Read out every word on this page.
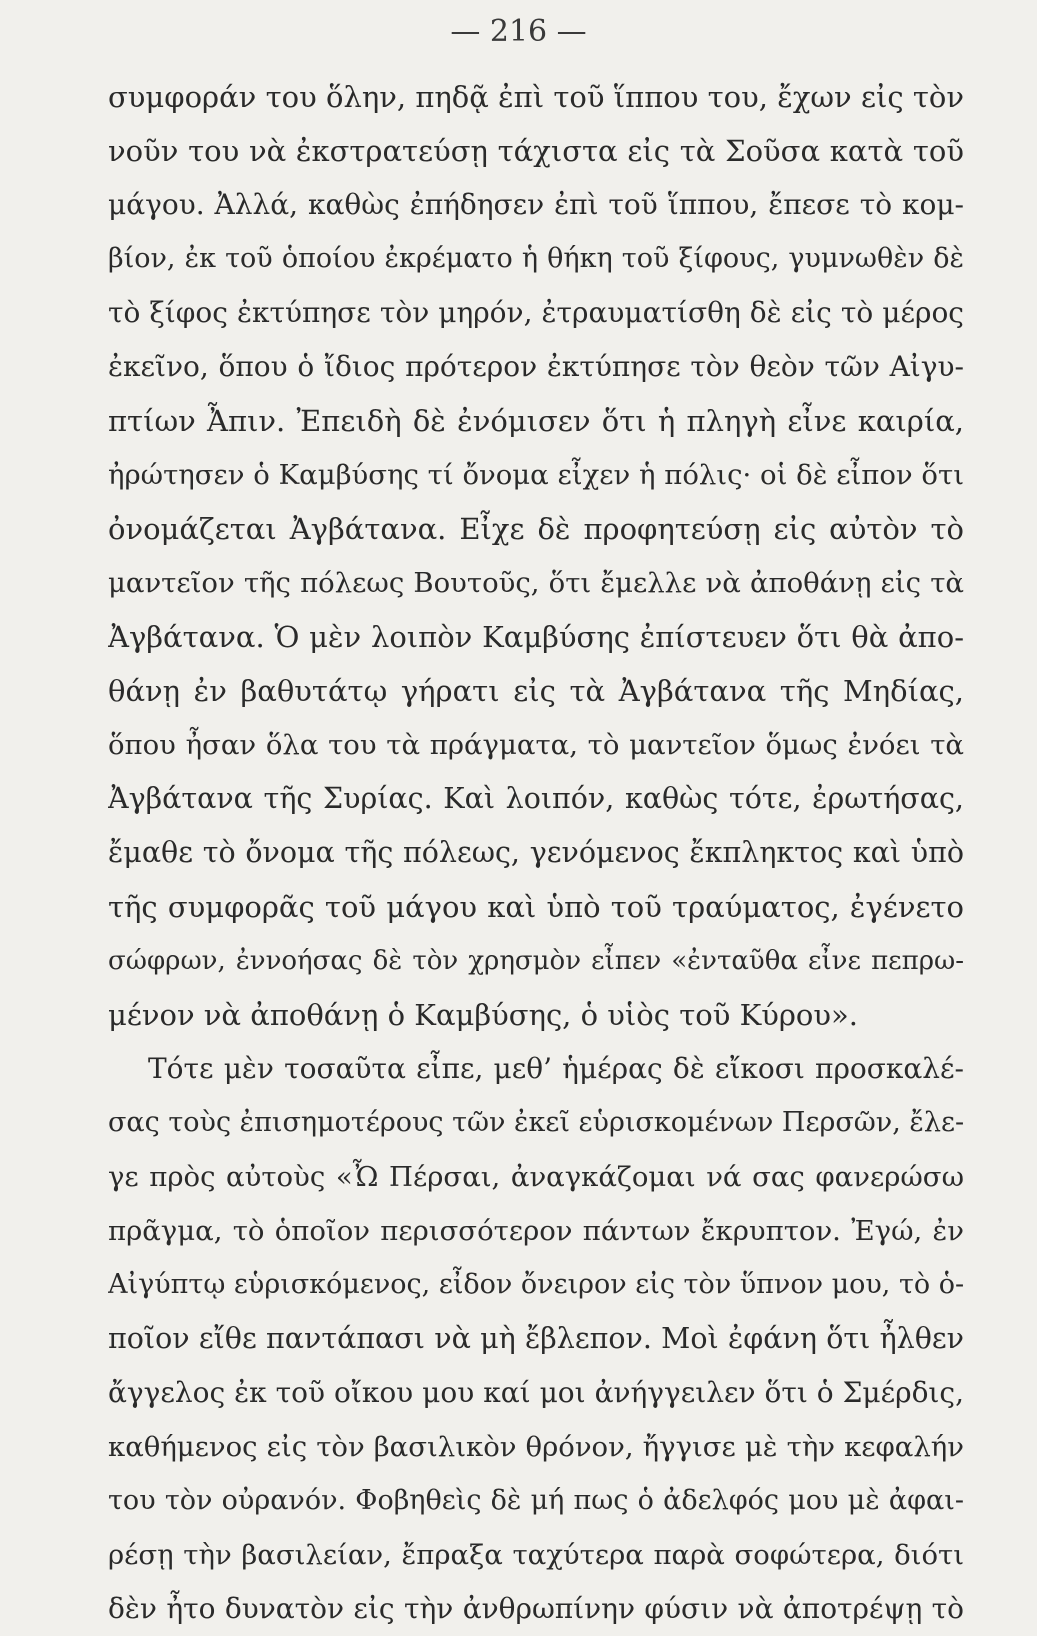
— 216 —
συμφοράν του ὅλην, πηδᾷ ἐπὶ τοῦ ἵππου του, ἔχων εἰς τὸν
νοῦν του νὰ ἐκστρατεύσῃ τάχιστα εἰς τὰ Σοῦσα κατὰ τοῦ
μάγου. Ἀλλά, καθὼς ἐπήδησεν ἐπὶ τοῦ ἵππου, ἔπεσε τὸ κομ-
βίον, ἐκ τοῦ ὁποίου ἐκρέματο ἡ θήκη τοῦ ξίφους, γυμνωθὲν δὲ
τὸ ξίφος ἐκτύπησε τὸν μηρόν, ἐτραυματίσθη δὲ εἰς τὸ μέρος
ἐκεῖνο, ὅπου ὁ ἴδιος πρότερον ἐκτύπησε τὸν θεὸν τῶν Αἰγυ-
πτίων Ἆπιν. Ἐπειδὴ δὲ ἐνόμισεν ὅτι ἡ πληγὴ εἶνε καιρία,
ἠρώτησεν ὁ Καμβύσης τί ὄνομα εἶχεν ἡ πόλις· οἱ δὲ εἶπον ὅτι
ὀνομάζεται Ἀγβάτανα. Εἶχε δὲ προφητεύσῃ εἰς αὐτὸν τὸ
μαντεῖον τῆς πόλεως Βουτοῦς, ὅτι ἔμελλε νὰ ἀποθάνῃ εἰς τὰ
Ἀγβάτανα. Ὁ μὲν λοιπὸν Καμβύσης ἐπίστευεν ὅτι θὰ ἀπο-
θάνῃ ἐν βαθυτάτῳ γήρατι εἰς τὰ Ἀγβάτανα τῆς Μηδίας,
ὅπου ἦσαν ὅλα του τὰ πράγματα, τὸ μαντεῖον ὅμως ἐνόει τὰ
Ἀγβάτανα τῆς Συρίας. Καὶ λοιπόν, καθὼς τότε, ἐρωτήσας,
ἔμαθε τὸ ὄνομα τῆς πόλεως, γενόμενος ἔκπληκτος καὶ ὑπὸ
τῆς συμφορᾶς τοῦ μάγου καὶ ὑπὸ τοῦ τραύματος, ἐγένετο
σώφρων, ἐννοήσας δὲ τὸν χρησμὸν εἶπεν «ἐνταῦθα εἶνε πεπρω-
μένον νὰ ἀποθάνῃ ὁ Καμβύσης, ὁ υἱὸς τοῦ Κύρου».
Τότε μὲν τοσαῦτα εἶπε, μεθ’ ἡμέρας δὲ εἴκοσι προσκαλέ-
σας τοὺς ἐπισημοτέρους τῶν ἐκεῖ εὑρισκομένων Περσῶν, ἔλε-
γε πρὸς αὐτοὺς «Ὦ Πέρσαι, ἀναγκάζομαι νά σας φανερώσω
πρᾶγμα, τὸ ὁποῖον περισσότερον πάντων ἔκρυπτον. Ἐγώ, ἐν
Αἰγύπτῳ εὑρισκόμενος, εἶδον ὄνειρον εἰς τὸν ὕπνον μου, τὸ ὁ-
ποῖον εἴθε παντάπασι νὰ μὴ ἔβλεπον. Μοὶ ἐφάνη ὅτι ἦλθεν
ἄγγελος ἐκ τοῦ οἴκου μου καί μοι ἀνήγγειλεν ὅτι ὁ Σμέρδις,
καθήμενος εἰς τὸν βασιλικὸν θρόνον, ἤγγισε μὲ τὴν κεφαλήν
του τὸν οὐρανόν. Φοβηθεὶς δὲ μή πως ὁ ἀδελφός μου μὲ ἀφαι-
ρέσῃ τὴν βασιλείαν, ἔπραξα ταχύτερα παρὰ σοφώτερα, διότι
δὲν ἦτο δυνατὸν εἰς τὴν ἀνθρωπίνην φύσιν νὰ ἀποτρέψῃ τὸ
